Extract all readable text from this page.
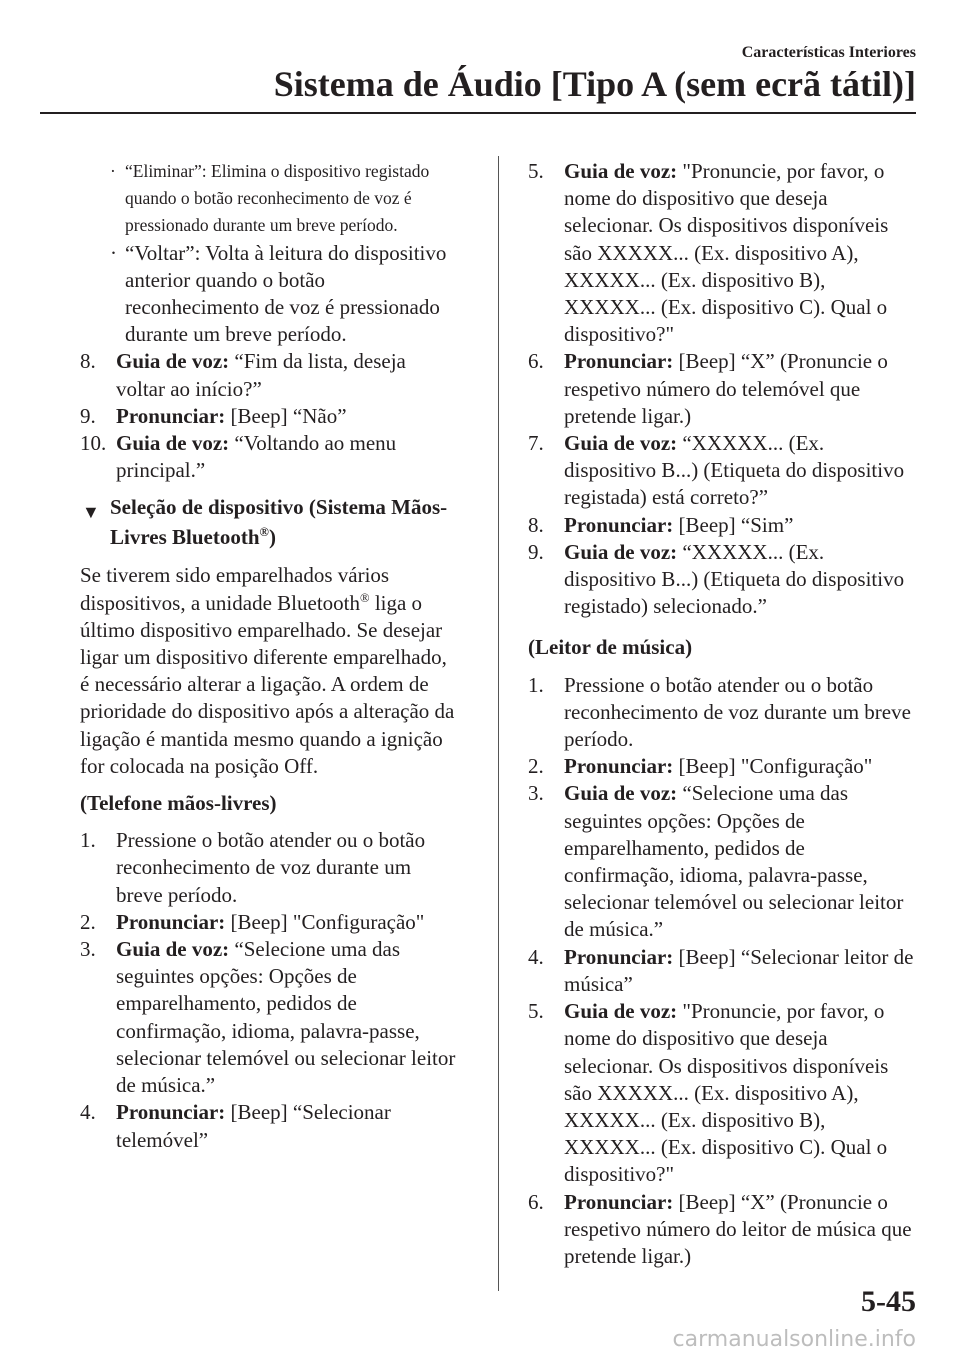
Características Interiores
Sistema de Áudio [Tipo A (sem ecrã tátil)]

· “Eliminar”: Elimina o dispositivo registado quando o botão reconhecimento de voz é pressionado durante um breve período.

· “Voltar”: Volta à leitura do dispositivo anterior quando o botão reconhecimento de voz é pressionado durante um breve período.

8. Guia de voz: “Fim da lista, deseja voltar ao início?”

9. Pronunciar: [Beep] “Não”

10. Guia de voz: “Voltando ao menu principal.”

▼ Seleção de dispositivo (Sistema Mãos-Livres Bluetooth®)

Se tiverem sido emparelhados vários dispositivos, a unidade Bluetooth® liga o último dispositivo emparelhado. Se desejar ligar um dispositivo diferente emparelhado, é necessário alterar a ligação. A ordem de prioridade do dispositivo após a alteração da ligação é mantida mesmo quando a ignição for colocada na posição Off.

(Telefone mãos-livres)

1. Pressione o botão atender ou o botão reconhecimento de voz durante um breve período.

2. Pronunciar: [Beep] "Configuração"

3. Guia de voz: “Selecione uma das seguintes opções: Opções de emparelhamento, pedidos de confirmação, idioma, palavra-passe, selecionar telemóvel ou selecionar leitor de música.”

4. Pronunciar: [Beep] “Selecionar telemóvel”

5. Guia de voz: "Pronuncie, por favor, o nome do dispositivo que deseja selecionar. Os dispositivos disponíveis são XXXXX... (Ex. dispositivo A), XXXXX... (Ex. dispositivo B), XXXXX... (Ex. dispositivo C). Qual o dispositivo?"

6. Pronunciar: [Beep] “X” (Pronuncie o respetivo número do telemóvel que pretende ligar.)

7. Guia de voz: “XXXXX... (Ex. dispositivo B...) (Etiqueta do dispositivo registada) está correto?”

8. Pronunciar: [Beep] “Sim”

9. Guia de voz: “XXXXX... (Ex. dispositivo B...) (Etiqueta do dispositivo registado) selecionado.”

(Leitor de música)

1. Pressione o botão atender ou o botão reconhecimento de voz durante um breve período.

2. Pronunciar: [Beep] "Configuração"

3. Guia de voz: “Selecione uma das seguintes opções: Opções de emparelhamento, pedidos de confirmação, idioma, palavra-passe, selecionar telemóvel ou selecionar leitor de música.”

4. Pronunciar: [Beep] “Selecionar leitor de música”

5. Guia de voz: "Pronuncie, por favor, o nome do dispositivo que deseja selecionar. Os dispositivos disponíveis são XXXXX... (Ex. dispositivo A), XXXXX... (Ex. dispositivo B), XXXXX... (Ex. dispositivo C). Qual o dispositivo?"

6. Pronunciar: [Beep] “X” (Pronuncie o respetivo número do leitor de música que pretende ligar.)

5-45
carmanualsonline.info
